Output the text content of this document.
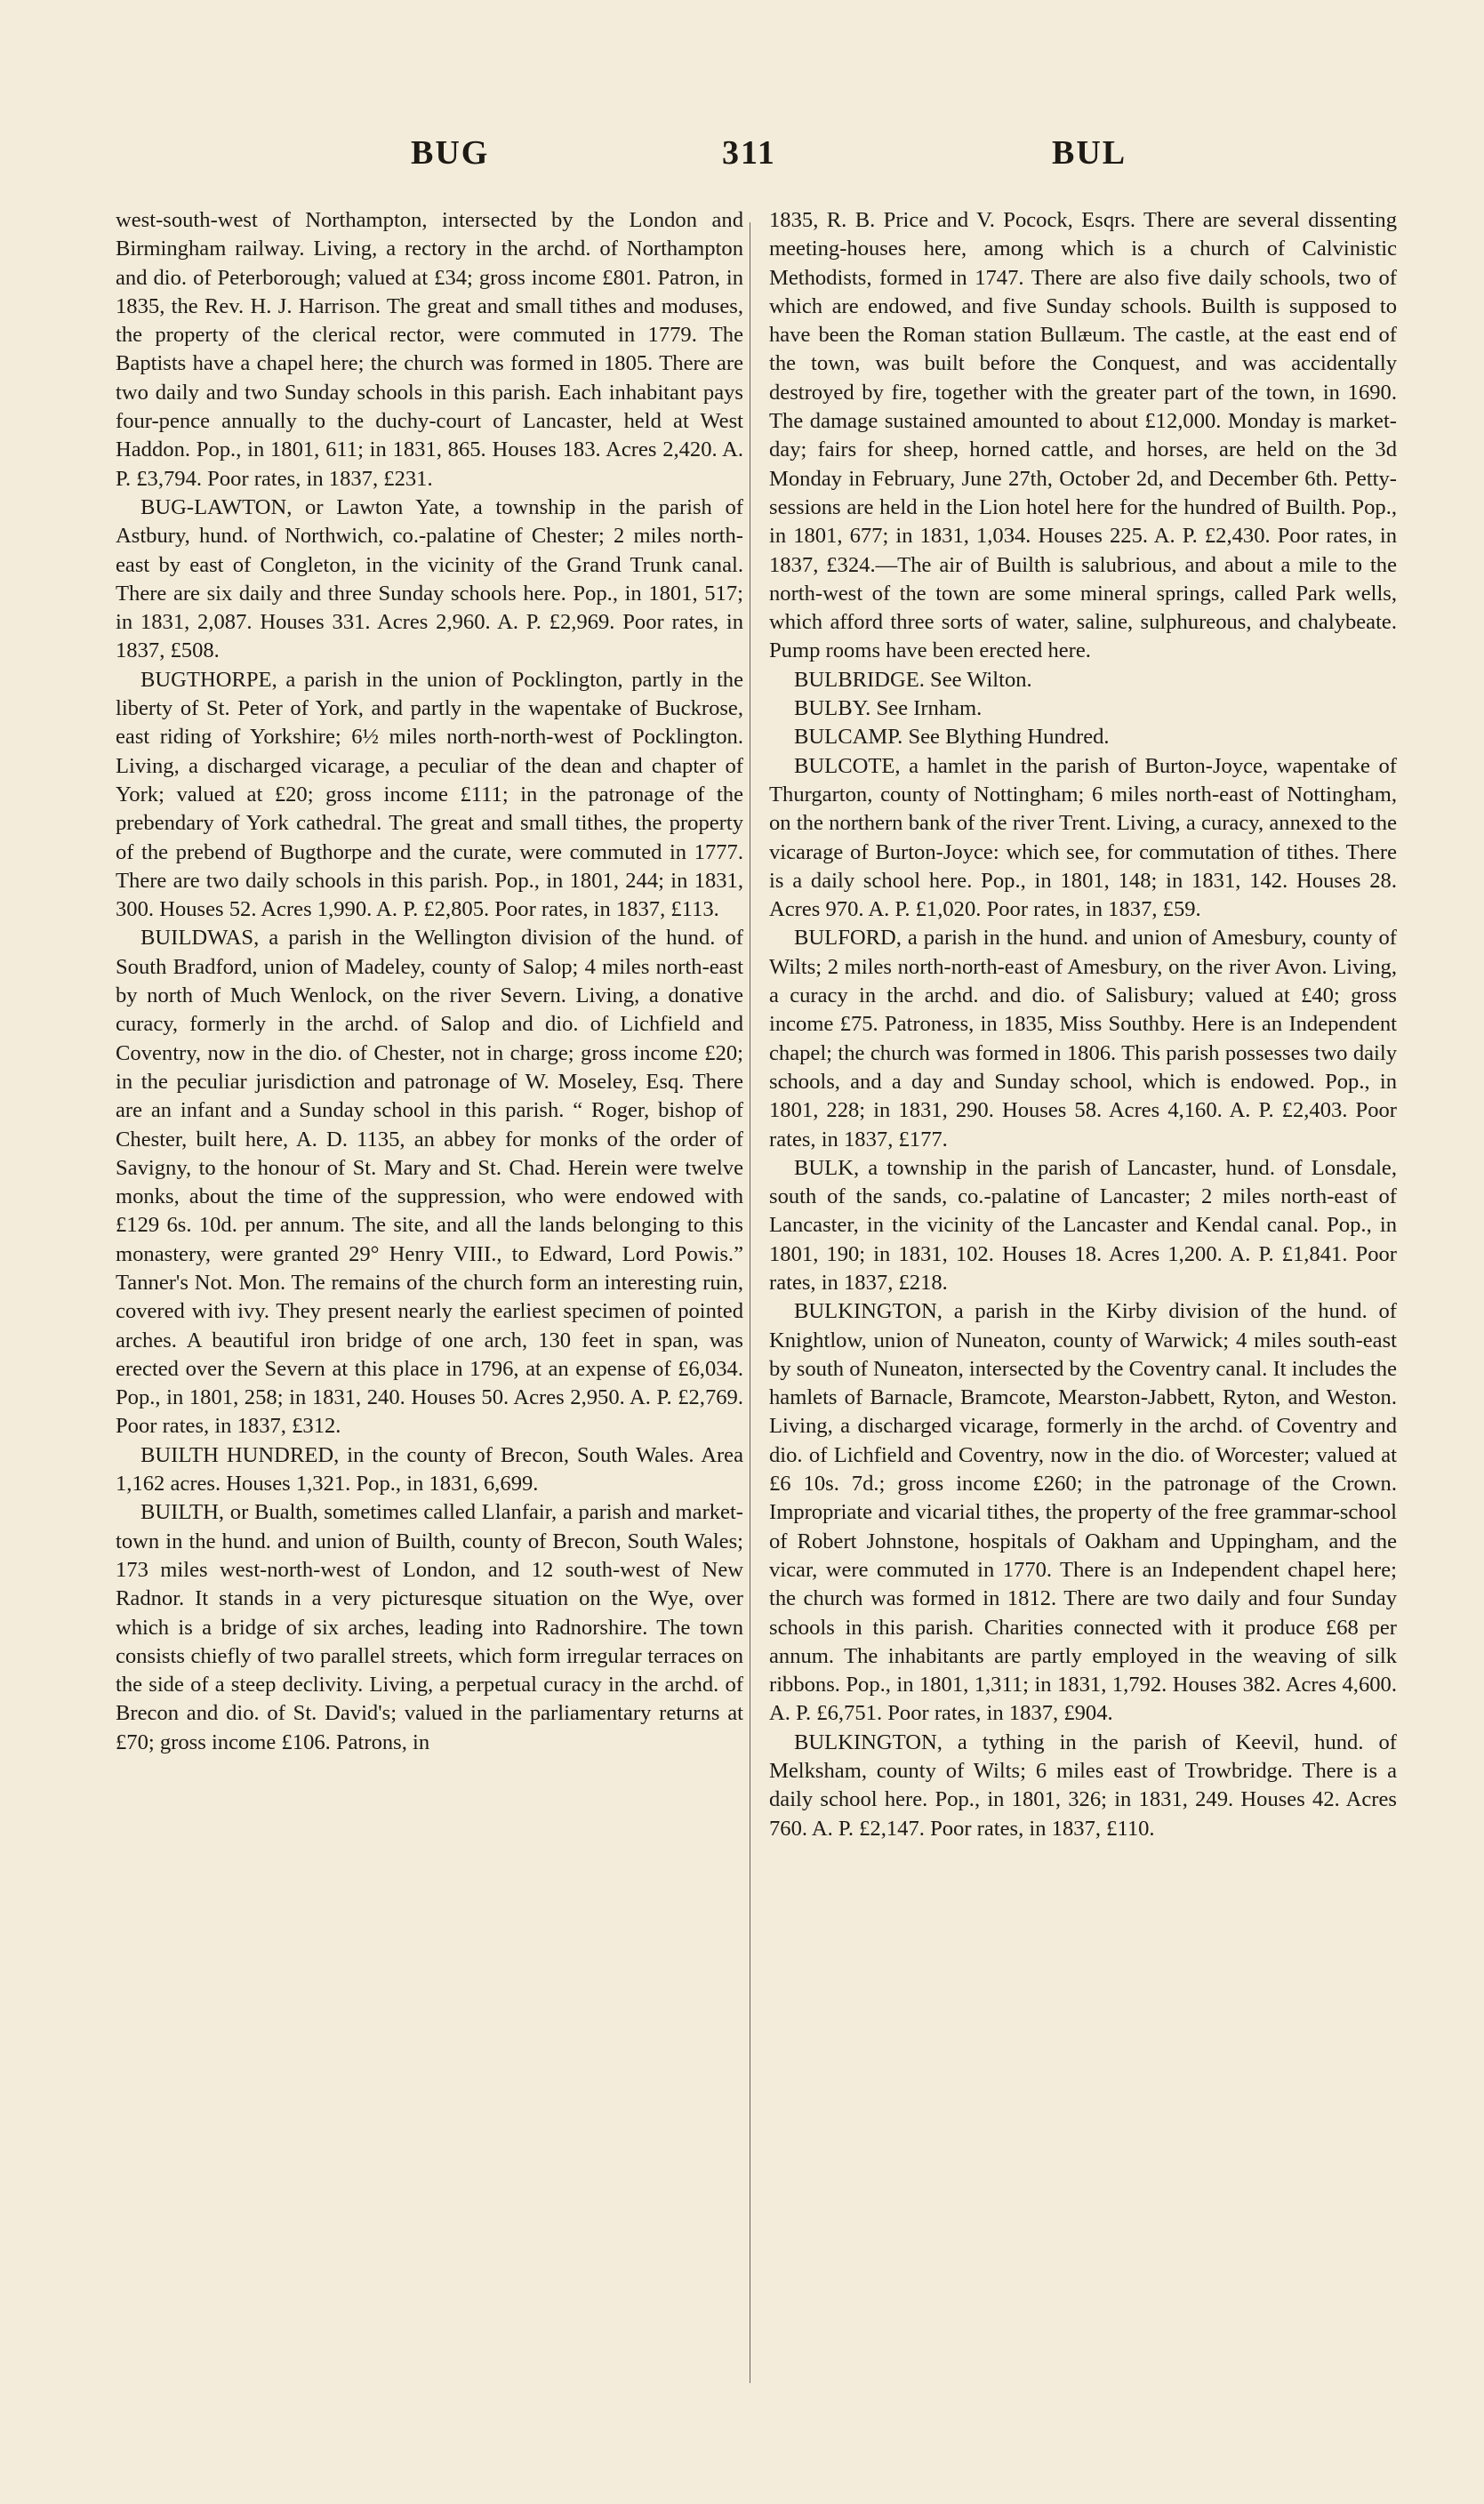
BUG	311	BUL

west-south-west of Northampton, intersected by the London and Birmingham railway. Living, a rectory in the archd. of Northampton and dio. of Peterborough; valued at £34; gross income £801. Patron, in 1835, the Rev. H. J. Harrison. The great and small tithes and moduses, the property of the clerical rector, were commuted in 1779. The Baptists have a chapel here; the church was formed in 1805. There are two daily and two Sunday schools in this parish. Each inhabitant pays four-pence annually to the duchy-court of Lancaster, held at West Haddon. Pop., in 1801, 611; in 1831, 865. Houses 183. Acres 2,420. A. P. £3,794. Poor rates, in 1837, £231.

BUG-LAWTON, or Lawton Yate, a township in the parish of Astbury, hund. of Northwich, co.-palatine of Chester; 2 miles north-east by east of Congleton, in the vicinity of the Grand Trunk canal. There are six daily and three Sunday schools here. Pop., in 1801, 517; in 1831, 2,087. Houses 331. Acres 2,960. A. P. £2,969. Poor rates, in 1837, £508.

BUGTHORPE, a parish in the union of Pocklington, partly in the liberty of St. Peter of York, and partly in the wapentake of Buckrose, east riding of Yorkshire; 6½ miles north-north-west of Pocklington. Living, a discharged vicarage, a peculiar of the dean and chapter of York; valued at £20; gross income £111; in the patronage of the prebendary of York cathedral. The great and small tithes, the property of the prebend of Bugthorpe and the curate, were commuted in 1777. There are two daily schools in this parish. Pop., in 1801, 244; in 1831, 300. Houses 52. Acres 1,990. A. P. £2,805. Poor rates, in 1837, £113.

BUILDWAS, a parish in the Wellington division of the hund. of South Bradford, union of Madeley, county of Salop; 4 miles north-east by north of Much Wenlock, on the river Severn. Living, a donative curacy, formerly in the archd. of Salop and dio. of Lichfield and Coventry, now in the dio. of Chester, not in charge; gross income £20; in the peculiar jurisdiction and patronage of W. Moseley, Esq. There are an infant and a Sunday school in this parish. “ Roger, bishop of Chester, built here, A. D. 1135, an abbey for monks of the order of Savigny, to the honour of St. Mary and St. Chad. Herein were twelve monks, about the time of the suppression, who were endowed with £129 6s. 10d. per annum. The site, and all the lands belonging to this monastery, were granted 29° Henry VIII., to Edward, Lord Powis.” Tanner's Not. Mon. The remains of the church form an interesting ruin, covered with ivy. They present nearly the earliest specimen of pointed arches. A beautiful iron bridge of one arch, 130 feet in span, was erected over the Severn at this place in 1796, at an expense of £6,034. Pop., in 1801, 258; in 1831, 240. Houses 50. Acres 2,950. A. P. £2,769. Poor rates, in 1837, £312.

BUILTH HUNDRED, in the county of Brecon, South Wales. Area 1,162 acres. Houses 1,321. Pop., in 1831, 6,699.

BUILTH, or Bualth, sometimes called Llanfair, a parish and market-town in the hund. and union of Builth, county of Brecon, South Wales; 173 miles west-north-west of London, and 12 south-west of New Radnor. It stands in a very picturesque situation on the Wye, over which is a bridge of six arches, leading into Radnorshire. The town consists chiefly of two parallel streets, which form irregular terraces on the side of a steep declivity. Living, a perpetual curacy in the archd. of Brecon and dio. of St. David's; valued in the parliamentary returns at £70; gross income £106. Patrons, in

1835, R. B. Price and V. Pocock, Esqrs. There are several dissenting meeting-houses here, among which is a church of Calvinistic Methodists, formed in 1747. There are also five daily schools, two of which are endowed, and five Sunday schools. Builth is supposed to have been the Roman station Bullæum. The castle, at the east end of the town, was built before the Conquest, and was accidentally destroyed by fire, together with the greater part of the town, in 1690. The damage sustained amounted to about £12,000. Monday is market-day; fairs for sheep, horned cattle, and horses, are held on the 3d Monday in February, June 27th, October 2d, and December 6th. Petty-sessions are held in the Lion hotel here for the hundred of Builth. Pop., in 1801, 677; in 1831, 1,034. Houses 225. A. P. £2,430. Poor rates, in 1837, £324.—The air of Builth is salubrious, and about a mile to the north-west of the town are some mineral springs, called Park wells, which afford three sorts of water, saline, sulphureous, and chalybeate. Pump rooms have been erected here.

BULBRIDGE. See Wilton.

BULBY. See Irnham.

BULCAMP. See Blything Hundred.

BULCOTE, a hamlet in the parish of Burton-Joyce, wapentake of Thurgarton, county of Nottingham; 6 miles north-east of Nottingham, on the northern bank of the river Trent. Living, a curacy, annexed to the vicarage of Burton-Joyce: which see, for commutation of tithes. There is a daily school here. Pop., in 1801, 148; in 1831, 142. Houses 28. Acres 970. A. P. £1,020. Poor rates, in 1837, £59.

BULFORD, a parish in the hund. and union of Amesbury, county of Wilts; 2 miles north-north-east of Amesbury, on the river Avon. Living, a curacy in the archd. and dio. of Salisbury; valued at £40; gross income £75. Patroness, in 1835, Miss Southby. Here is an Independent chapel; the church was formed in 1806. This parish possesses two daily schools, and a day and Sunday school, which is endowed. Pop., in 1801, 228; in 1831, 290. Houses 58. Acres 4,160. A. P. £2,403. Poor rates, in 1837, £177.

BULK, a township in the parish of Lancaster, hund. of Lonsdale, south of the sands, co.-palatine of Lancaster; 2 miles north-east of Lancaster, in the vicinity of the Lancaster and Kendal canal. Pop., in 1801, 190; in 1831, 102. Houses 18. Acres 1,200. A. P. £1,841. Poor rates, in 1837, £218.

BULKINGTON, a parish in the Kirby division of the hund. of Knightlow, union of Nuneaton, county of Warwick; 4 miles south-east by south of Nuneaton, intersected by the Coventry canal. It includes the hamlets of Barnacle, Bramcote, Mearston-Jabbett, Ryton, and Weston. Living, a discharged vicarage, formerly in the archd. of Coventry and dio. of Lichfield and Coventry, now in the dio. of Worcester; valued at £6 10s. 7d.; gross income £260; in the patronage of the Crown. Impropriate and vicarial tithes, the property of the free grammar-school of Robert Johnstone, hospitals of Oakham and Uppingham, and the vicar, were commuted in 1770. There is an Independent chapel here; the church was formed in 1812. There are two daily and four Sunday schools in this parish. Charities connected with it produce £68 per annum. The inhabitants are partly employed in the weaving of silk ribbons. Pop., in 1801, 1,311; in 1831, 1,792. Houses 382. Acres 4,600. A. P. £6,751. Poor rates, in 1837, £904.

BULKINGTON, a tything in the parish of Keevil, hund. of Melksham, county of Wilts; 6 miles east of Trowbridge. There is a daily school here. Pop., in 1801, 326; in 1831, 249. Houses 42. Acres 760. A. P. £2,147. Poor rates, in 1837, £110.
